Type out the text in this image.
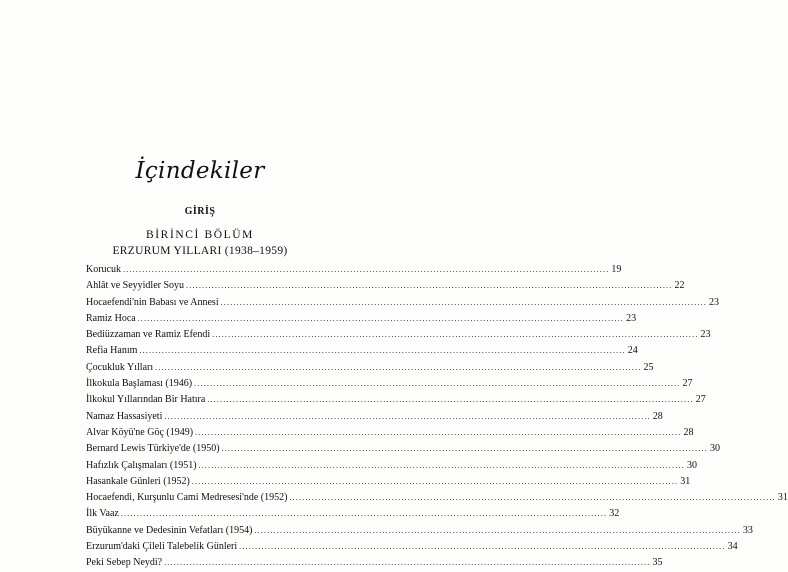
İçindekiler
GİRİŞ
BİRİNCİ BÖLÜM
ERZURUM YILLARI (1938–1959)
Korucuk .....	19
Ahlât ve Seyyidler Soyu .....	22
Hocaefendi'nin Babası ve Annesi .....	23
Ramiz Hoca .....	23
Bediüzzaman ve Ramiz Efendi .....	23
Refia Hanım .....	24
Çocukluk Yılları .....	25
İlkokula Başlaması (1946) .....	27
İlkokul Yıllarından Bir Hatıra .....	27
Namaz Hassasiyeti .....	28
Alvar Köyü'ne Göç (1949) .....	28
Bernard Lewis Türkiye'de (1950) .....	30
Hafızlık Çalışmaları (1951) .....	30
Hasankale Günleri (1952) .....	31
Hocaefendi, Kurşunlu Cami Medresesi'nde (1952) .....	31
İlk Vaaz .....	32
Büyükanne ve Dedesinin Vefatları (1954) .....	33
Erzurum'daki Çileli Talebelik Günleri .....	34
Peki Sebep Neydi? .....	35
